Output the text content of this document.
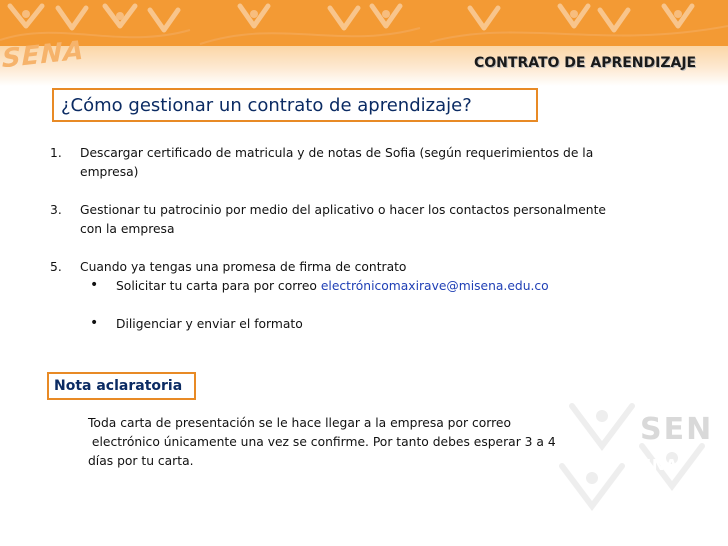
SENA
SEN
CONTRATO DE APRENDIZAJE
¿Cómo gestionar un contrato de aprendizaje?
1. Descargar certificado de matricula y de notas de Sofia (según requerimientos de la
empresa)
3. Gestionar tu patrocinio por medio del aplicativo o hacer los contactos personalmente
con la empresa
5. Cuando ya tengas una promesa de firma de contrato
• Solicitar tu carta para por correo electrónicomaxirave@misena.edu.co
• Diligenciar y enviar el formato
Nota aclaratoria
Toda carta de presentación se le hace llegar a la empresa por correo
electrónico únicamente una vez se confirme. Por tanto debes esperar 3 a 4
días por tu carta.	SENA
SERVICIO NACIONAL
DE APRENDIZAJE
